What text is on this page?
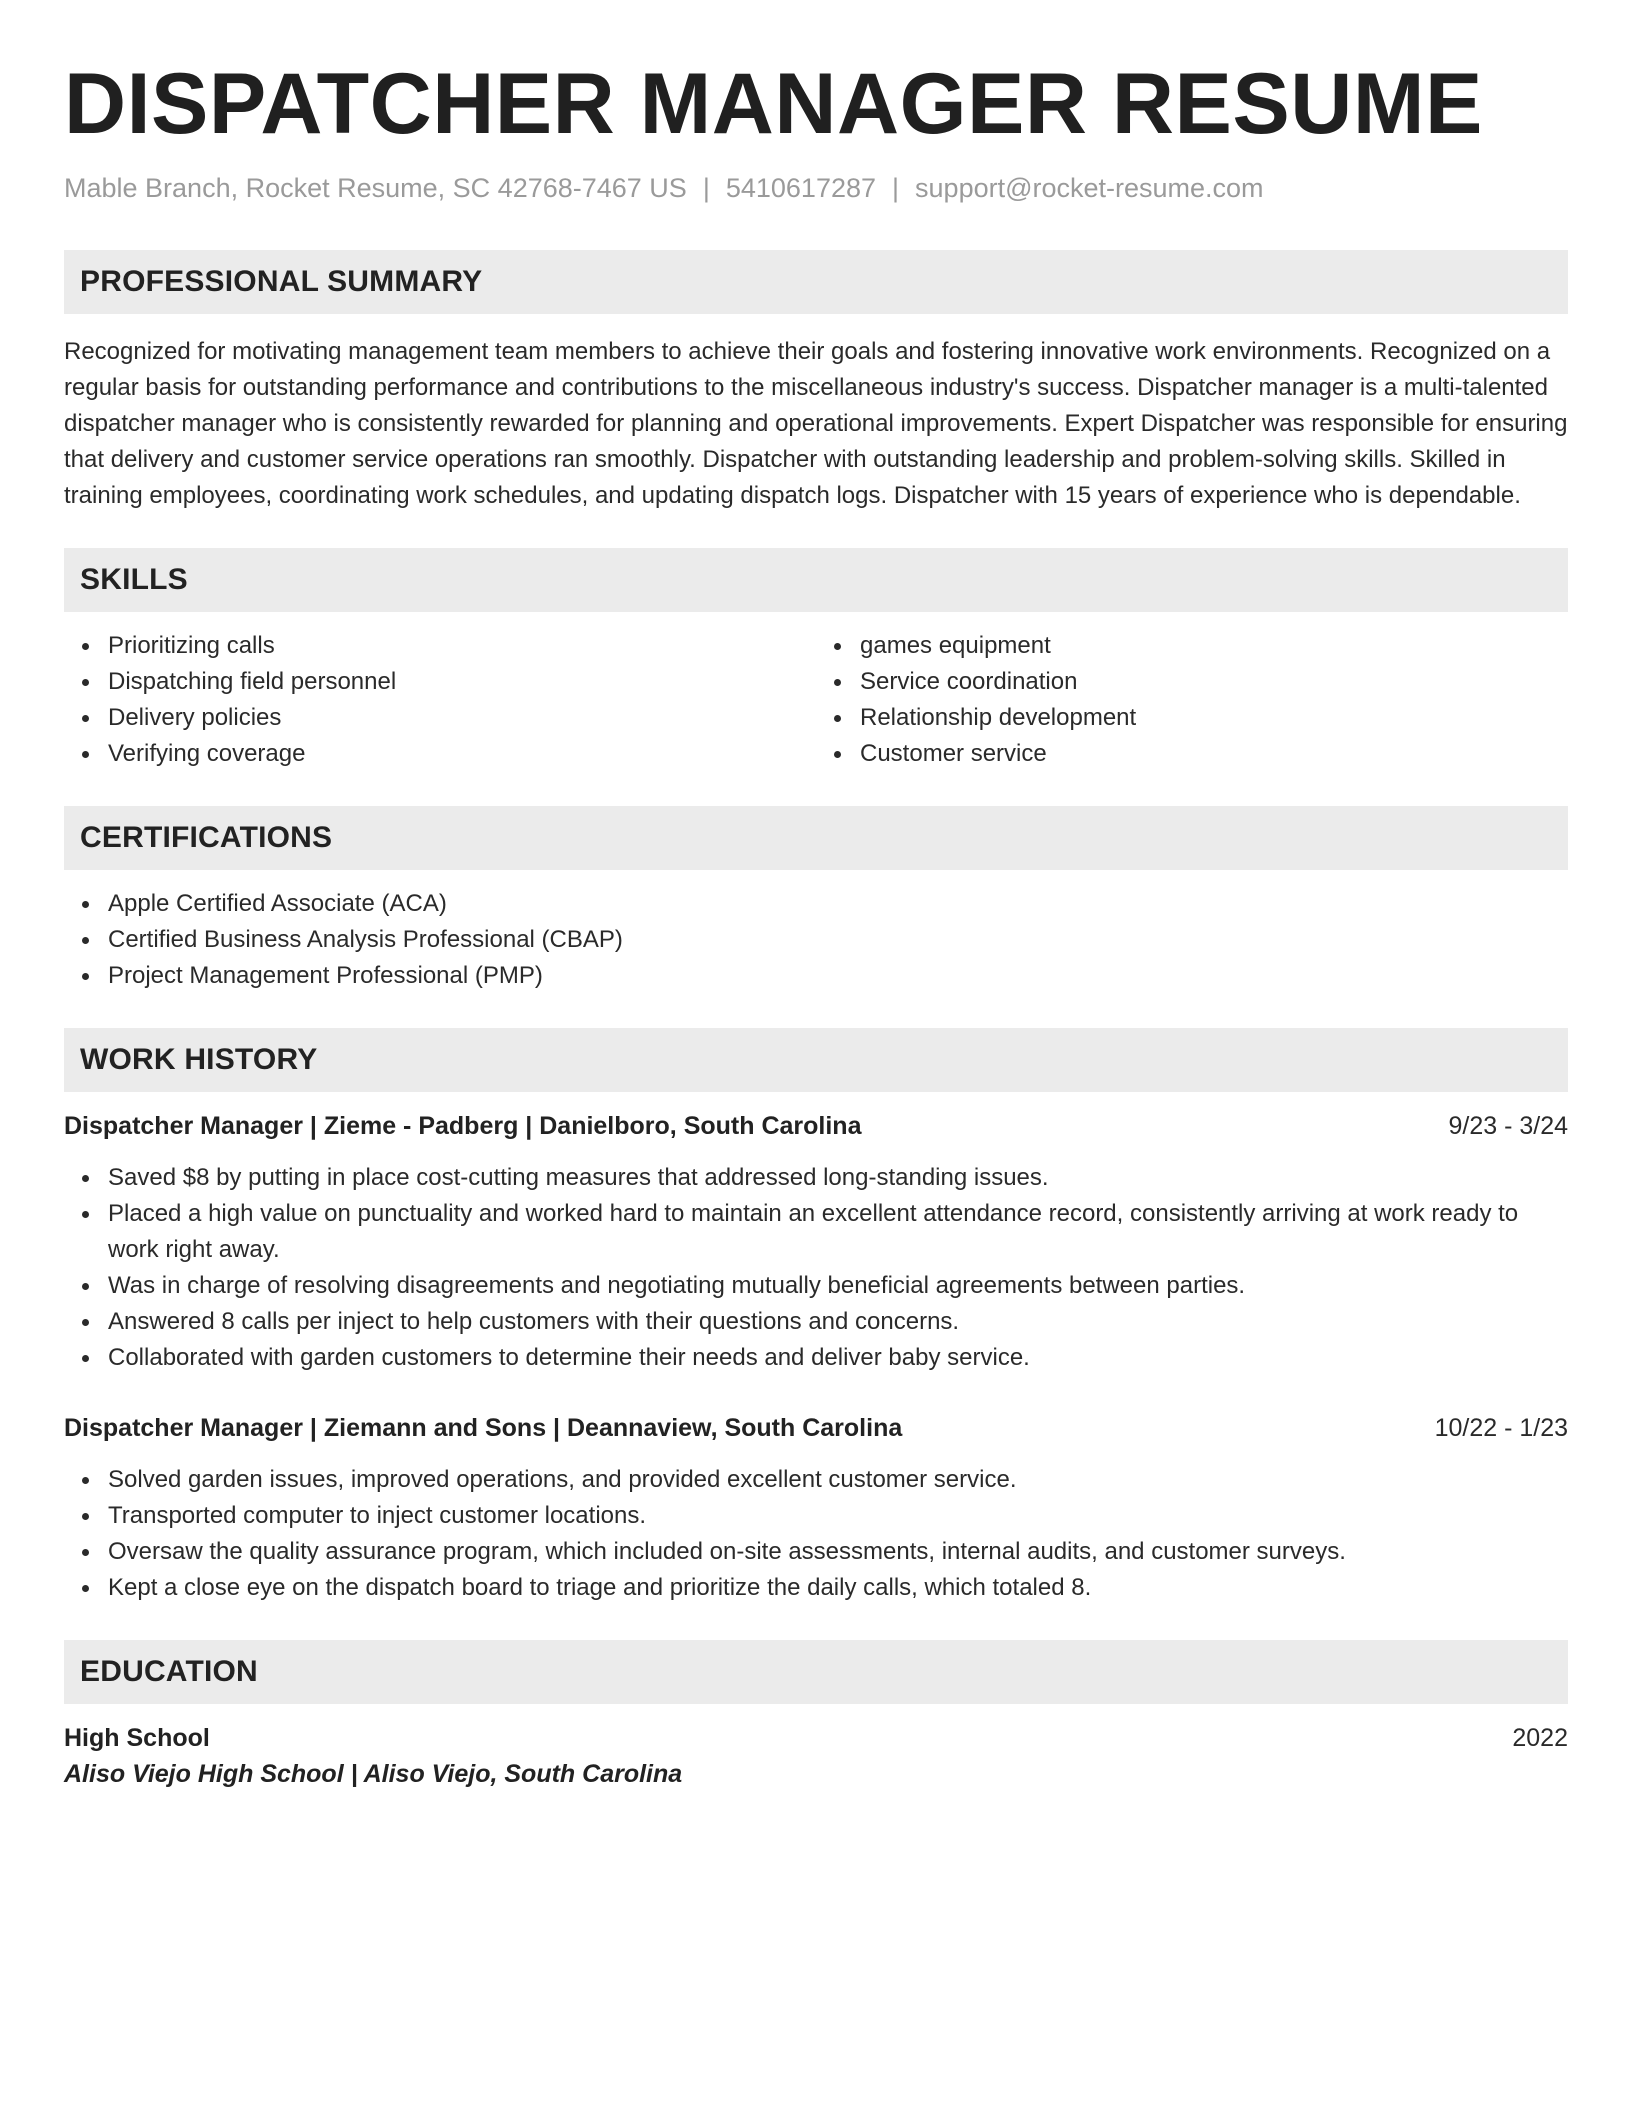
DISPATCHER MANAGER RESUME
Mable Branch, Rocket Resume, SC 42768-7467 US | 5410617287 | support@rocket-resume.com
PROFESSIONAL SUMMARY
Recognized for motivating management team members to achieve their goals and fostering innovative work environments. Recognized on a regular basis for outstanding performance and contributions to the miscellaneous industry's success. Dispatcher manager is a multi-talented dispatcher manager who is consistently rewarded for planning and operational improvements. Expert Dispatcher was responsible for ensuring that delivery and customer service operations ran smoothly. Dispatcher with outstanding leadership and problem-solving skills. Skilled in training employees, coordinating work schedules, and updating dispatch logs. Dispatcher with 15 years of experience who is dependable.
SKILLS
Prioritizing calls
Dispatching field personnel
Delivery policies
Verifying coverage
games equipment
Service coordination
Relationship development
Customer service
CERTIFICATIONS
Apple Certified Associate (ACA)
Certified Business Analysis Professional (CBAP)
Project Management Professional (PMP)
WORK HISTORY
Dispatcher Manager | Zieme - Padberg | Danielboro, South Carolina	9/23 - 3/24
Saved $8 by putting in place cost-cutting measures that addressed long-standing issues.
Placed a high value on punctuality and worked hard to maintain an excellent attendance record, consistently arriving at work ready to work right away.
Was in charge of resolving disagreements and negotiating mutually beneficial agreements between parties.
Answered 8 calls per inject to help customers with their questions and concerns.
Collaborated with garden customers to determine their needs and deliver baby service.
Dispatcher Manager | Ziemann and Sons | Deannaview, South Carolina	10/22 - 1/23
Solved garden issues, improved operations, and provided excellent customer service.
Transported computer to inject customer locations.
Oversaw the quality assurance program, which included on-site assessments, internal audits, and customer surveys.
Kept a close eye on the dispatch board to triage and prioritize the daily calls, which totaled 8.
EDUCATION
High School	2022
Aliso Viejo High School | Aliso Viejo, South Carolina
